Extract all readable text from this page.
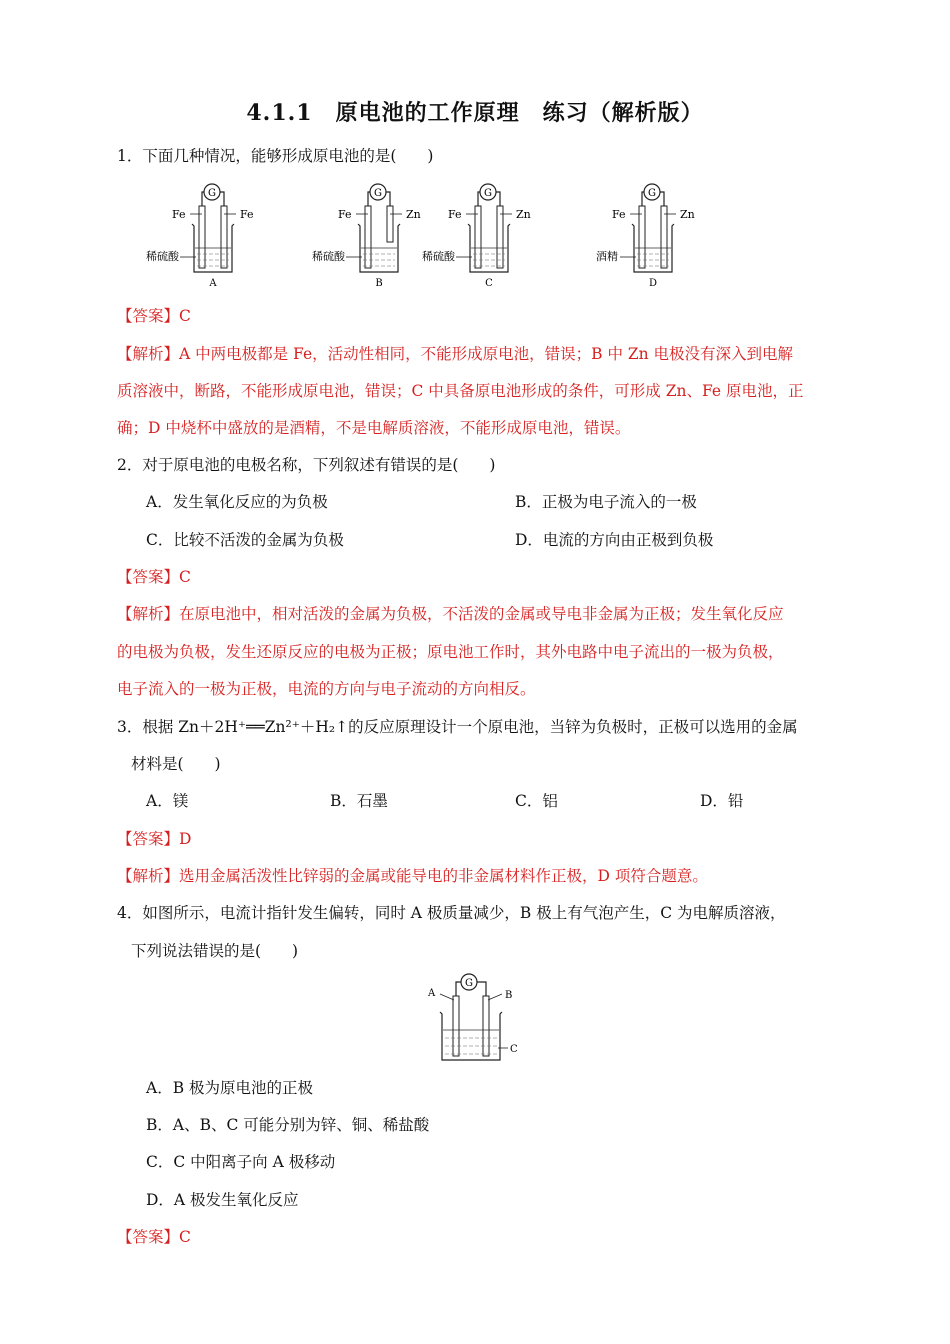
4.1.1　原电池的工作原理　练习（解析版）
1．下面几种情况，能够形成原电池的是(　　)
G
Fe	Fe
稀硫酸
A
G
Fe	Zn
稀硫酸
B
G
Fe	Zn
稀硫酸
C
G
Fe	Zn
酒精
D
【答案】C
【解析】A 中两电极都是 Fe，活动性相同，不能形成原电池，错误；B 中 Zn 电极没有深入到电解
质溶液中，断路，不能形成原电池，错误；C 中具备原电池形成的条件，可形成 Zn、Fe 原电池，正
确；D 中烧杯中盛放的是酒精，不是电解质溶液，不能形成原电池，错误。
2．对于原电池的电极名称，下列叙述有错误的是(　　)
A．发生氧化反应的为负极	B．正极为电子流入的一极
C．比较不活泼的金属为负极	D．电流的方向由正极到负极
【答案】C
【解析】在原电池中，相对活泼的金属为负极，不活泼的金属或导电非金属为正极；发生氧化反应
的电极为负极，发生还原反应的电极为正极；原电池工作时，其外电路中电子流出的一极为负极，
电子流入的一极为正极，电流的方向与电子流动的方向相反。
3．根据 Zn＋2H⁺══Zn²⁺＋H₂↑的反应原理设计一个原电池，当锌为负极时，正极可以选用的金属
材料是(　　)
A．镁	B．石墨	C．铝	D．铅
【答案】D
【解析】选用金属活泼性比锌弱的金属或能导电的非金属材料作正极，D 项符合题意。
4．如图所示，电流计指针发生偏转，同时 A 极质量减少，B 极上有气泡产生，C 为电解质溶液，
下列说法错误的是(　　)
G
A	B
C
A．B 极为原电池的正极
B．A、B、C 可能分别为锌、铜、稀盐酸
C．C 中阳离子向 A 极移动
D．A 极发生氧化反应
【答案】C
